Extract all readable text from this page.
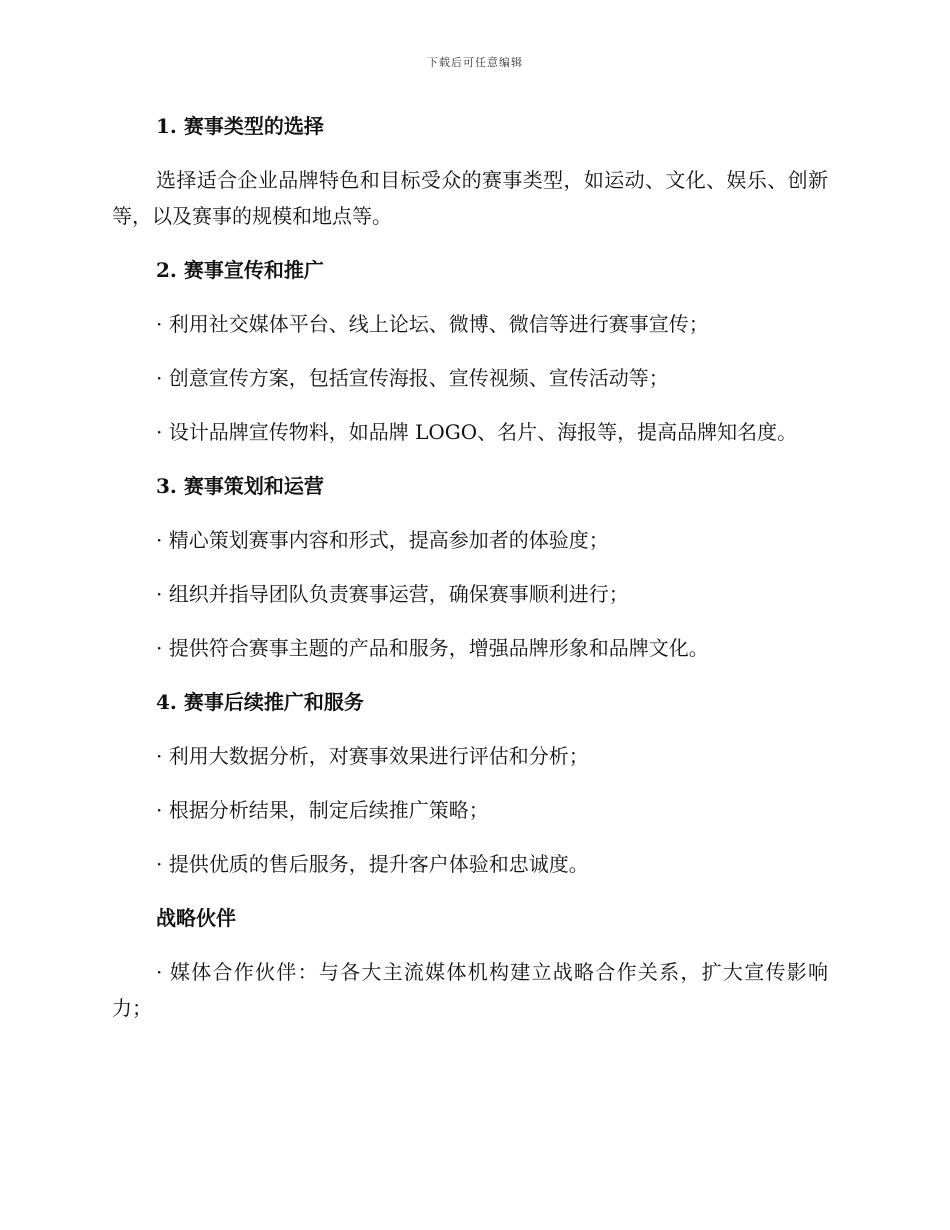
下载后可任意编辑
1. 赛事类型的选择
选择适合企业品牌特色和目标受众的赛事类型，如运动、文化、娱乐、创新等，以及赛事的规模和地点等。
2. 赛事宣传和推广
· 利用社交媒体平台、线上论坛、微博、微信等进行赛事宣传；
· 创意宣传方案，包括宣传海报、宣传视频、宣传活动等；
· 设计品牌宣传物料，如品牌 LOGO、名片、海报等，提高品牌知名度。
3. 赛事策划和运营
· 精心策划赛事内容和形式，提高参加者的体验度；
· 组织并指导团队负责赛事运营，确保赛事顺利进行；
· 提供符合赛事主题的产品和服务，增强品牌形象和品牌文化。
4. 赛事后续推广和服务
· 利用大数据分析，对赛事效果进行评估和分析；
· 根据分析结果，制定后续推广策略；
· 提供优质的售后服务，提升客户体验和忠诚度。
战略伙伴
· 媒体合作伙伴：与各大主流媒体机构建立战略合作关系，扩大宣传影响力；
